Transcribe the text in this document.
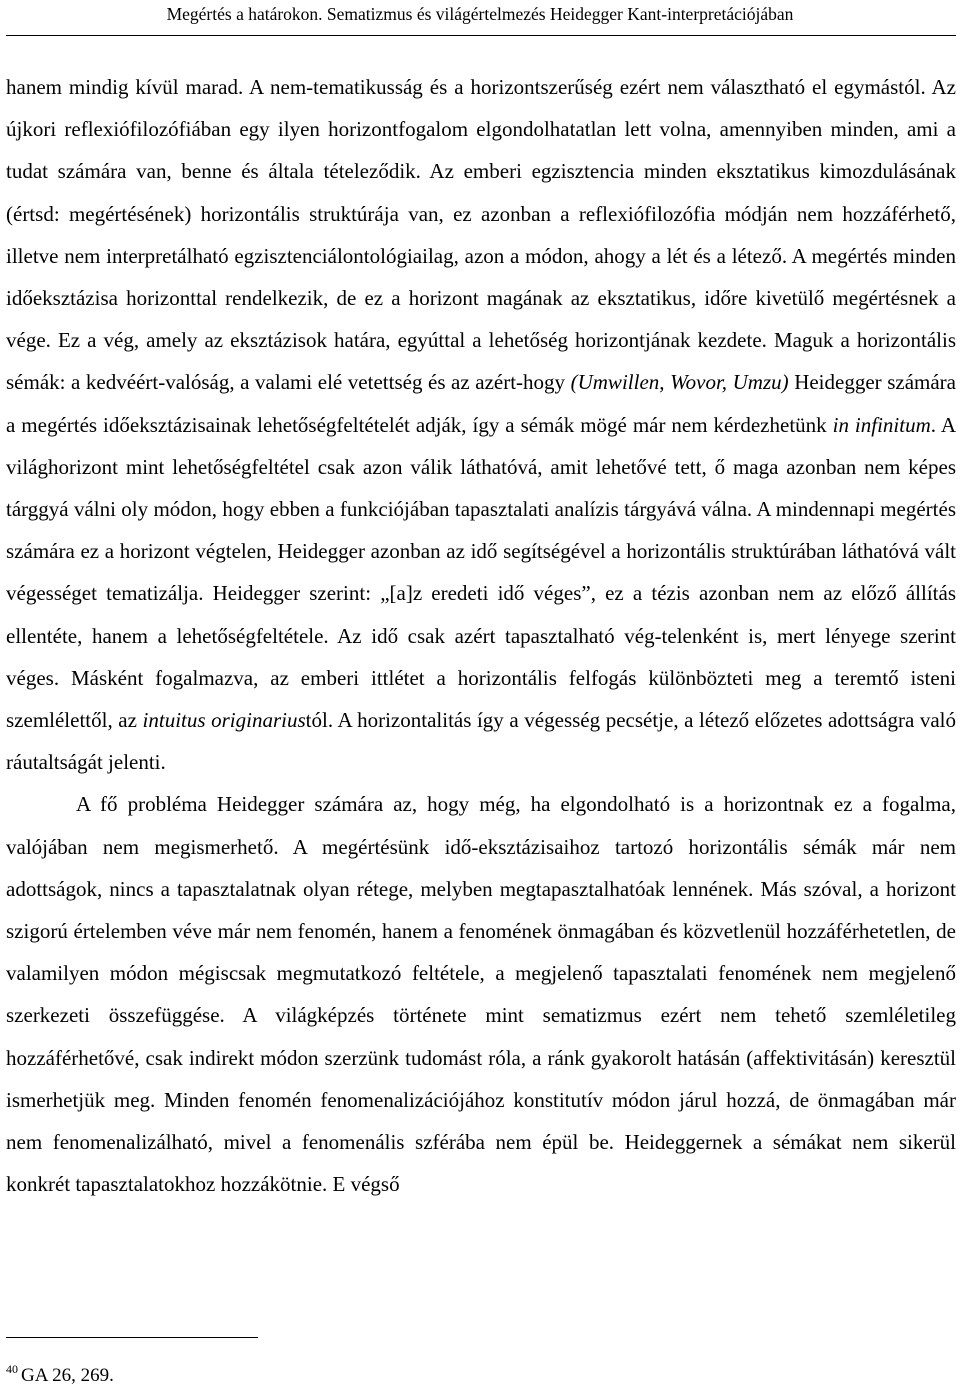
Megértés a határokon. Sematizmus és világértelmezés Heidegger Kant-interpretációjában

hanem mindig kívül marad. A nem-tematikusság és a horizontszerűség ezért nem választható el egymástól. Az újkori reflexiófilozófiában egy ilyen horizontfogalom elgondolhatatlan lett volna, amennyiben minden, ami a tudat számára van, benne és általa tételeződik. Az emberi egzisztencia minden eksztatikus kimozdulásának (értsd: megértésének) horizontális struktúrája van, ez azonban a reflexiófilozófia módján nem hozzáférhető, illetve nem interpretálható egzisztenciálontológiailag, azon a módon, ahogy a lét és a létező. A megértés minden időeksztázisa horizonttal rendelkezik, de ez a horizont magának az eksztatikus, időre kivetülő megértésnek a vége. Ez a vég, amely az eksztázisok határa, egyúttal a lehetőség horizontjának kezdete. Maguk a horizontális sémák: a kedvéért-valóság, a valami elé vetettség és az azért-hogy (Umwillen, Wovor, Umzu) Heidegger számára a megértés időeksztázisainak lehetőségfeltételét adják, így a sémák mögé már nem kérdezhetünk in infinitum. A világhorizont mint lehetőségfeltétel csak azon válik láthatóvá, amit lehetővé tett, ő maga azonban nem képes tárggyá válni oly módon, hogy ebben a funkciójában tapasztalati analízis tárgyává válna. A mindennapi megértés számára ez a horizont végtelen, Heidegger azonban az idő segítségével a horizontális struktúrában láthatóvá vált végességet tematizálja. Heidegger szerint: „[a]z eredeti idő véges”, ez a tézis azonban nem az előző állítás ellentéte, hanem a lehetőségfeltétele. Az idő csak azért tapasztalható vég-telenként is, mert lényege szerint véges. Másként fogalmazva, az emberi ittlétet a horizontális felfogás különbözteti meg a teremtő isteni szemlélettől, az intuitus originariustól. A horizontalitás így a végesség pecsétje, a létező előzetes adottságra való ráutaltságát jelenti.

A fő probléma Heidegger számára az, hogy még, ha elgondolható is a horizontnak ez a fogalma, valójában nem megismerhető. A megértésünk idő-eksztázisaihoz tartozó horizontális sémák már nem adottságok, nincs a tapasztalatnak olyan rétege, melyben megtapasztalhatóak lennének. Más szóval, a horizont szigorú értelemben véve már nem fenomén, hanem a fenomének önmagában és közvetlenül hozzáférhetetlen, de valamilyen módon mégiscsak megmutatkozó feltétele, a megjelenő tapasztalati fenomének nem megjelenő szerkezeti összefüggése. A világképzés története mint sematizmus ezért nem tehető szemléletileg hozzáférhetővé, csak indirekt módon szerzünk tudomást róla, a ránk gyakorolt hatásán (affektivitásán) keresztül ismerhetjük meg. Minden fenomén fenomenalizációjához konstitutív módon járul hozzá, de önmagában már nem fenomenalizálható, mivel a fenomenális szférába nem épül be. Heideggernek a sémákat nem sikerül konkrét tapasztalatokhoz hozzákötnie. E végső

$^{40}$ GA 26, 269.
